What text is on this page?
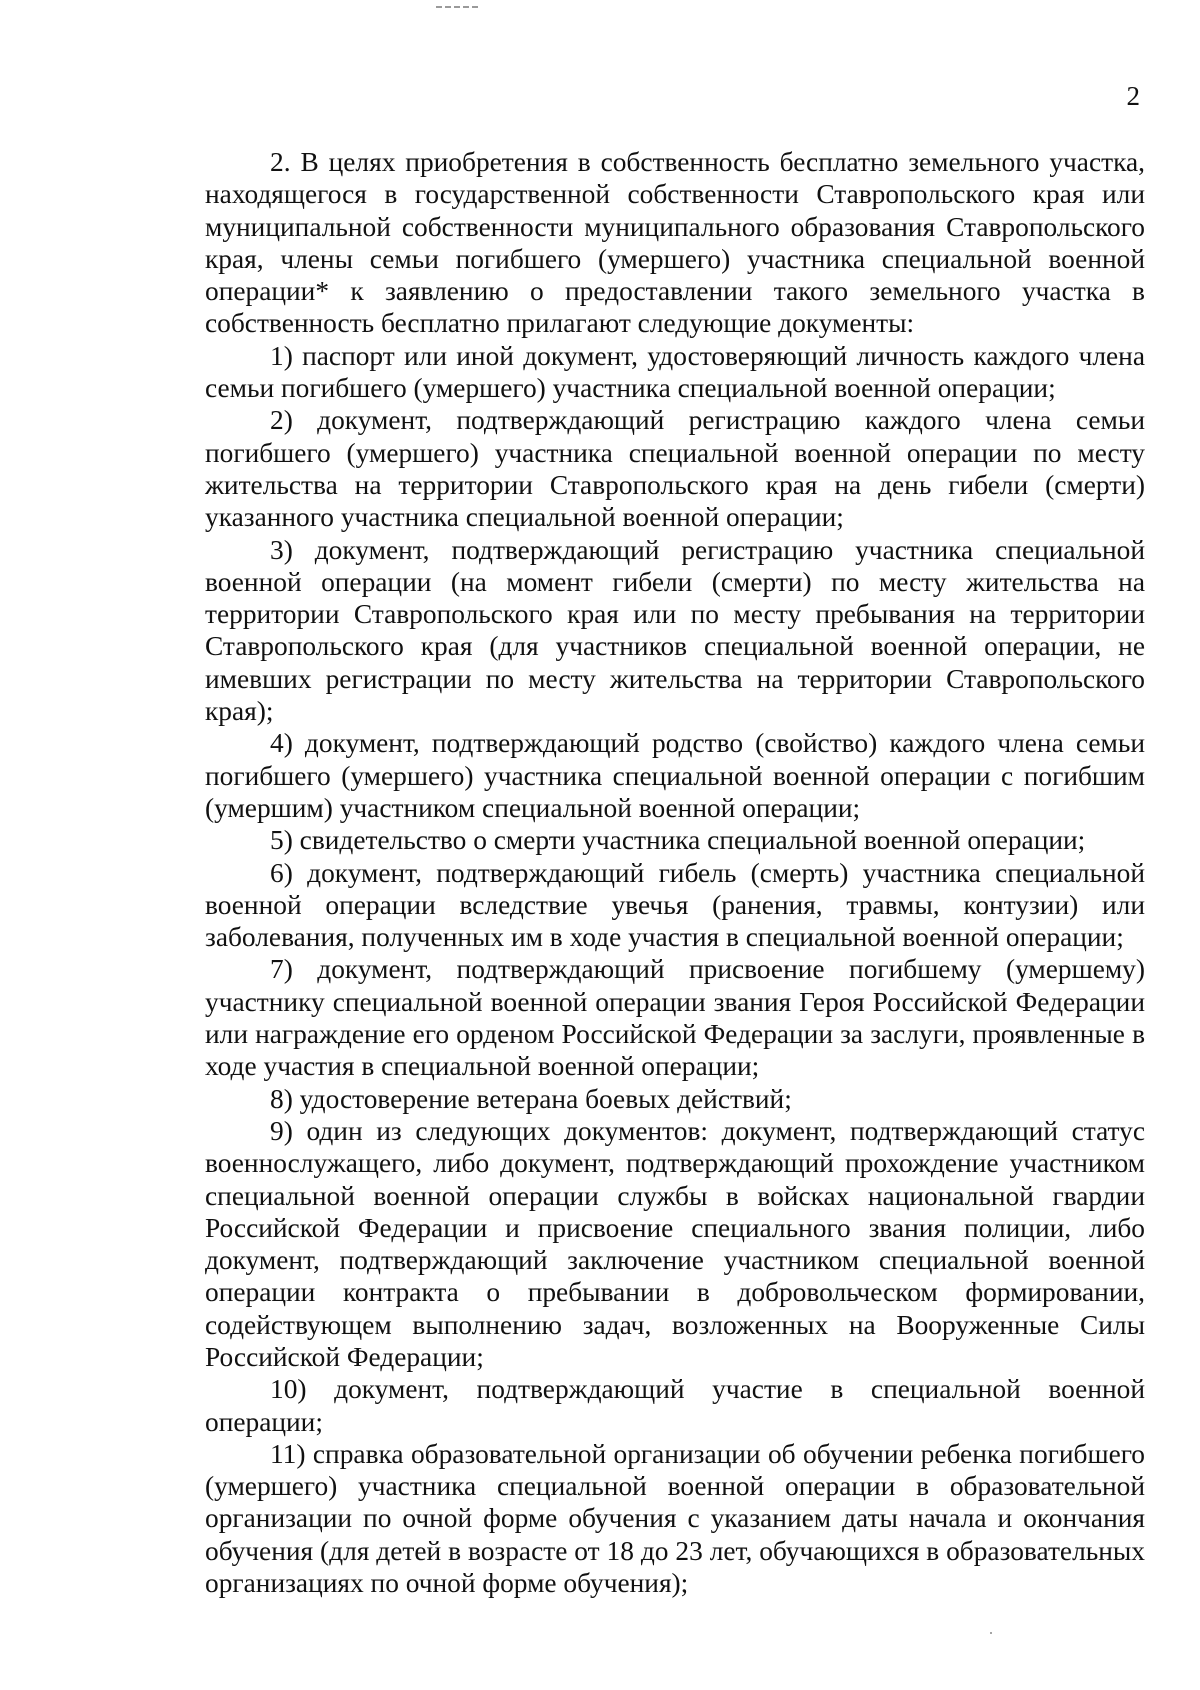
2

2. В целях приобретения в собственность бесплатно земельного участка, находящегося в государственной собственности Ставропольского края или муниципальной собственности муниципального образования Ставропольского края, члены семьи погибшего (умершего) участника специальной военной операции* к заявлению о предоставлении такого земельного участка в собственность бесплатно прилагают следующие документы:

1) паспорт или иной документ, удостоверяющий личность каждого члена семьи погибшего (умершего) участника специальной военной операции;

2) документ, подтверждающий регистрацию каждого члена семьи погибшего (умершего) участника специальной военной операции по месту жительства на территории Ставропольского края на день гибели (смерти) указанного участника специальной военной операции;

3) документ, подтверждающий регистрацию участника специальной военной операции (на момент гибели (смерти) по месту жительства на территории Ставропольского края или по месту пребывания на территории Ставропольского края (для участников специальной военной операции, не имевших регистрации по месту жительства на территории Ставропольского края);

4) документ, подтверждающий родство (свойство) каждого члена семьи погибшего (умершего) участника специальной военной операции с погибшим (умершим) участником специальной военной операции;

5) свидетельство о смерти участника специальной военной операции;

6) документ, подтверждающий гибель (смерть) участника специальной военной операции вследствие увечья (ранения, травмы, контузии) или заболевания, полученных им в ходе участия в специальной военной операции;

7) документ, подтверждающий присвоение погибшему (умершему) участнику специальной военной операции звания Героя Российской Федерации или награждение его орденом Российской Федерации за заслуги, проявленные в ходе участия в специальной военной операции;

8) удостоверение ветерана боевых действий;

9) один из следующих документов: документ, подтверждающий статус военнослужащего, либо документ, подтверждающий прохождение участником специальной военной операции службы в войсках национальной гвардии Российской Федерации и присвоение специального звания полиции, либо документ, подтверждающий заключение участником специальной военной операции контракта о пребывании в добровольческом формировании, содействующем выполнению задач, возложенных на Вооруженные Силы Российской Федерации;

10) документ, подтверждающий участие в специальной военной операции;

11) справка образовательной организации об обучении ребенка погибшего (умершего) участника специальной военной операции в образовательной организации по очной форме обучения с указанием даты начала и окончания обучения (для детей в возрасте от 18 до 23 лет, обучающихся в образовательных организациях по очной форме обучения);
